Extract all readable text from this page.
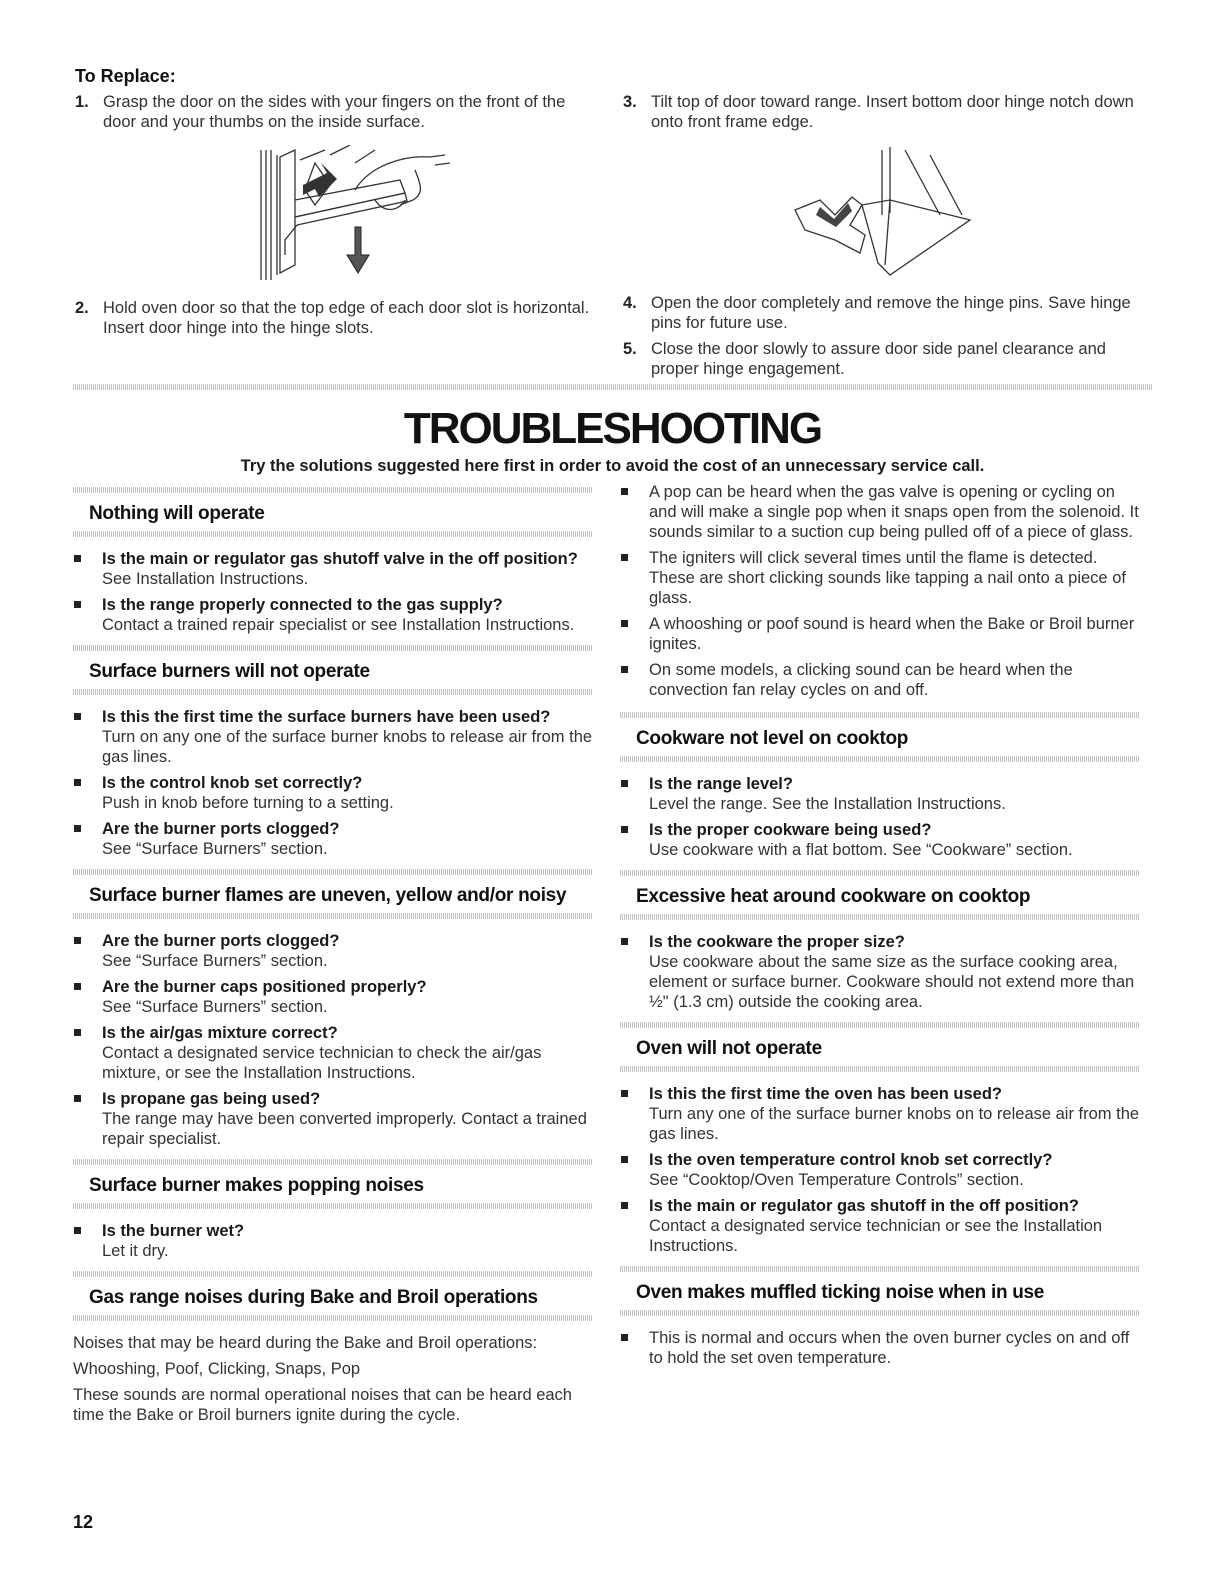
To Replace:
1. Grasp the door on the sides with your fingers on the front of the door and your thumbs on the inside surface.
2. Hold oven door so that the top edge of each door slot is horizontal. Insert door hinge into the hinge slots.
3. Tilt top of door toward range. Insert bottom door hinge notch down onto front frame edge.
4. Open the door completely and remove the hinge pins. Save hinge pins for future use.
5. Close the door slowly to assure door side panel clearance and proper hinge engagement.
TROUBLESHOOTING
Try the solutions suggested here first in order to avoid the cost of an unnecessary service call.
Nothing will operate
Is the main or regulator gas shutoff valve in the off position?
See Installation Instructions.
Is the range properly connected to the gas supply?
Contact a trained repair specialist or see Installation Instructions.
Surface burners will not operate
Is this the first time the surface burners have been used?
Turn on any one of the surface burner knobs to release air from the gas lines.
Is the control knob set correctly?
Push in knob before turning to a setting.
Are the burner ports clogged?
See “Surface Burners” section.
Surface burner flames are uneven, yellow and/or noisy
Are the burner ports clogged?
See “Surface Burners” section.
Are the burner caps positioned properly?
See “Surface Burners” section.
Is the air/gas mixture correct?
Contact a designated service technician to check the air/gas mixture, or see the Installation Instructions.
Is propane gas being used?
The range may have been converted improperly. Contact a trained repair specialist.
Surface burner makes popping noises
Is the burner wet?
Let it dry.
Gas range noises during Bake and Broil operations
Noises that may be heard during the Bake and Broil operations:
Whooshing, Poof, Clicking, Snaps, Pop
These sounds are normal operational noises that can be heard each time the Bake or Broil burners ignite during the cycle.
A pop can be heard when the gas valve is opening or cycling on and will make a single pop when it snaps open from the solenoid. It sounds similar to a suction cup being pulled off of a piece of glass.
The igniters will click several times until the flame is detected. These are short clicking sounds like tapping a nail onto a piece of glass.
A whooshing or poof sound is heard when the Bake or Broil burner ignites.
On some models, a clicking sound can be heard when the convection fan relay cycles on and off.
Cookware not level on cooktop
Is the range level?
Level the range. See the Installation Instructions.
Is the proper cookware being used?
Use cookware with a flat bottom. See “Cookware” section.
Excessive heat around cookware on cooktop
Is the cookware the proper size?
Use cookware about the same size as the surface cooking area, element or surface burner. Cookware should not extend more than ½" (1.3 cm) outside the cooking area.
Oven will not operate
Is this the first time the oven has been used?
Turn any one of the surface burner knobs on to release air from the gas lines.
Is the oven temperature control knob set correctly?
See “Cooktop/Oven Temperature Controls” section.
Is the main or regulator gas shutoff in the off position?
Contact a designated service technician or see the Installation Instructions.
Oven makes muffled ticking noise when in use
This is normal and occurs when the oven burner cycles on and off to hold the set oven temperature.
12
